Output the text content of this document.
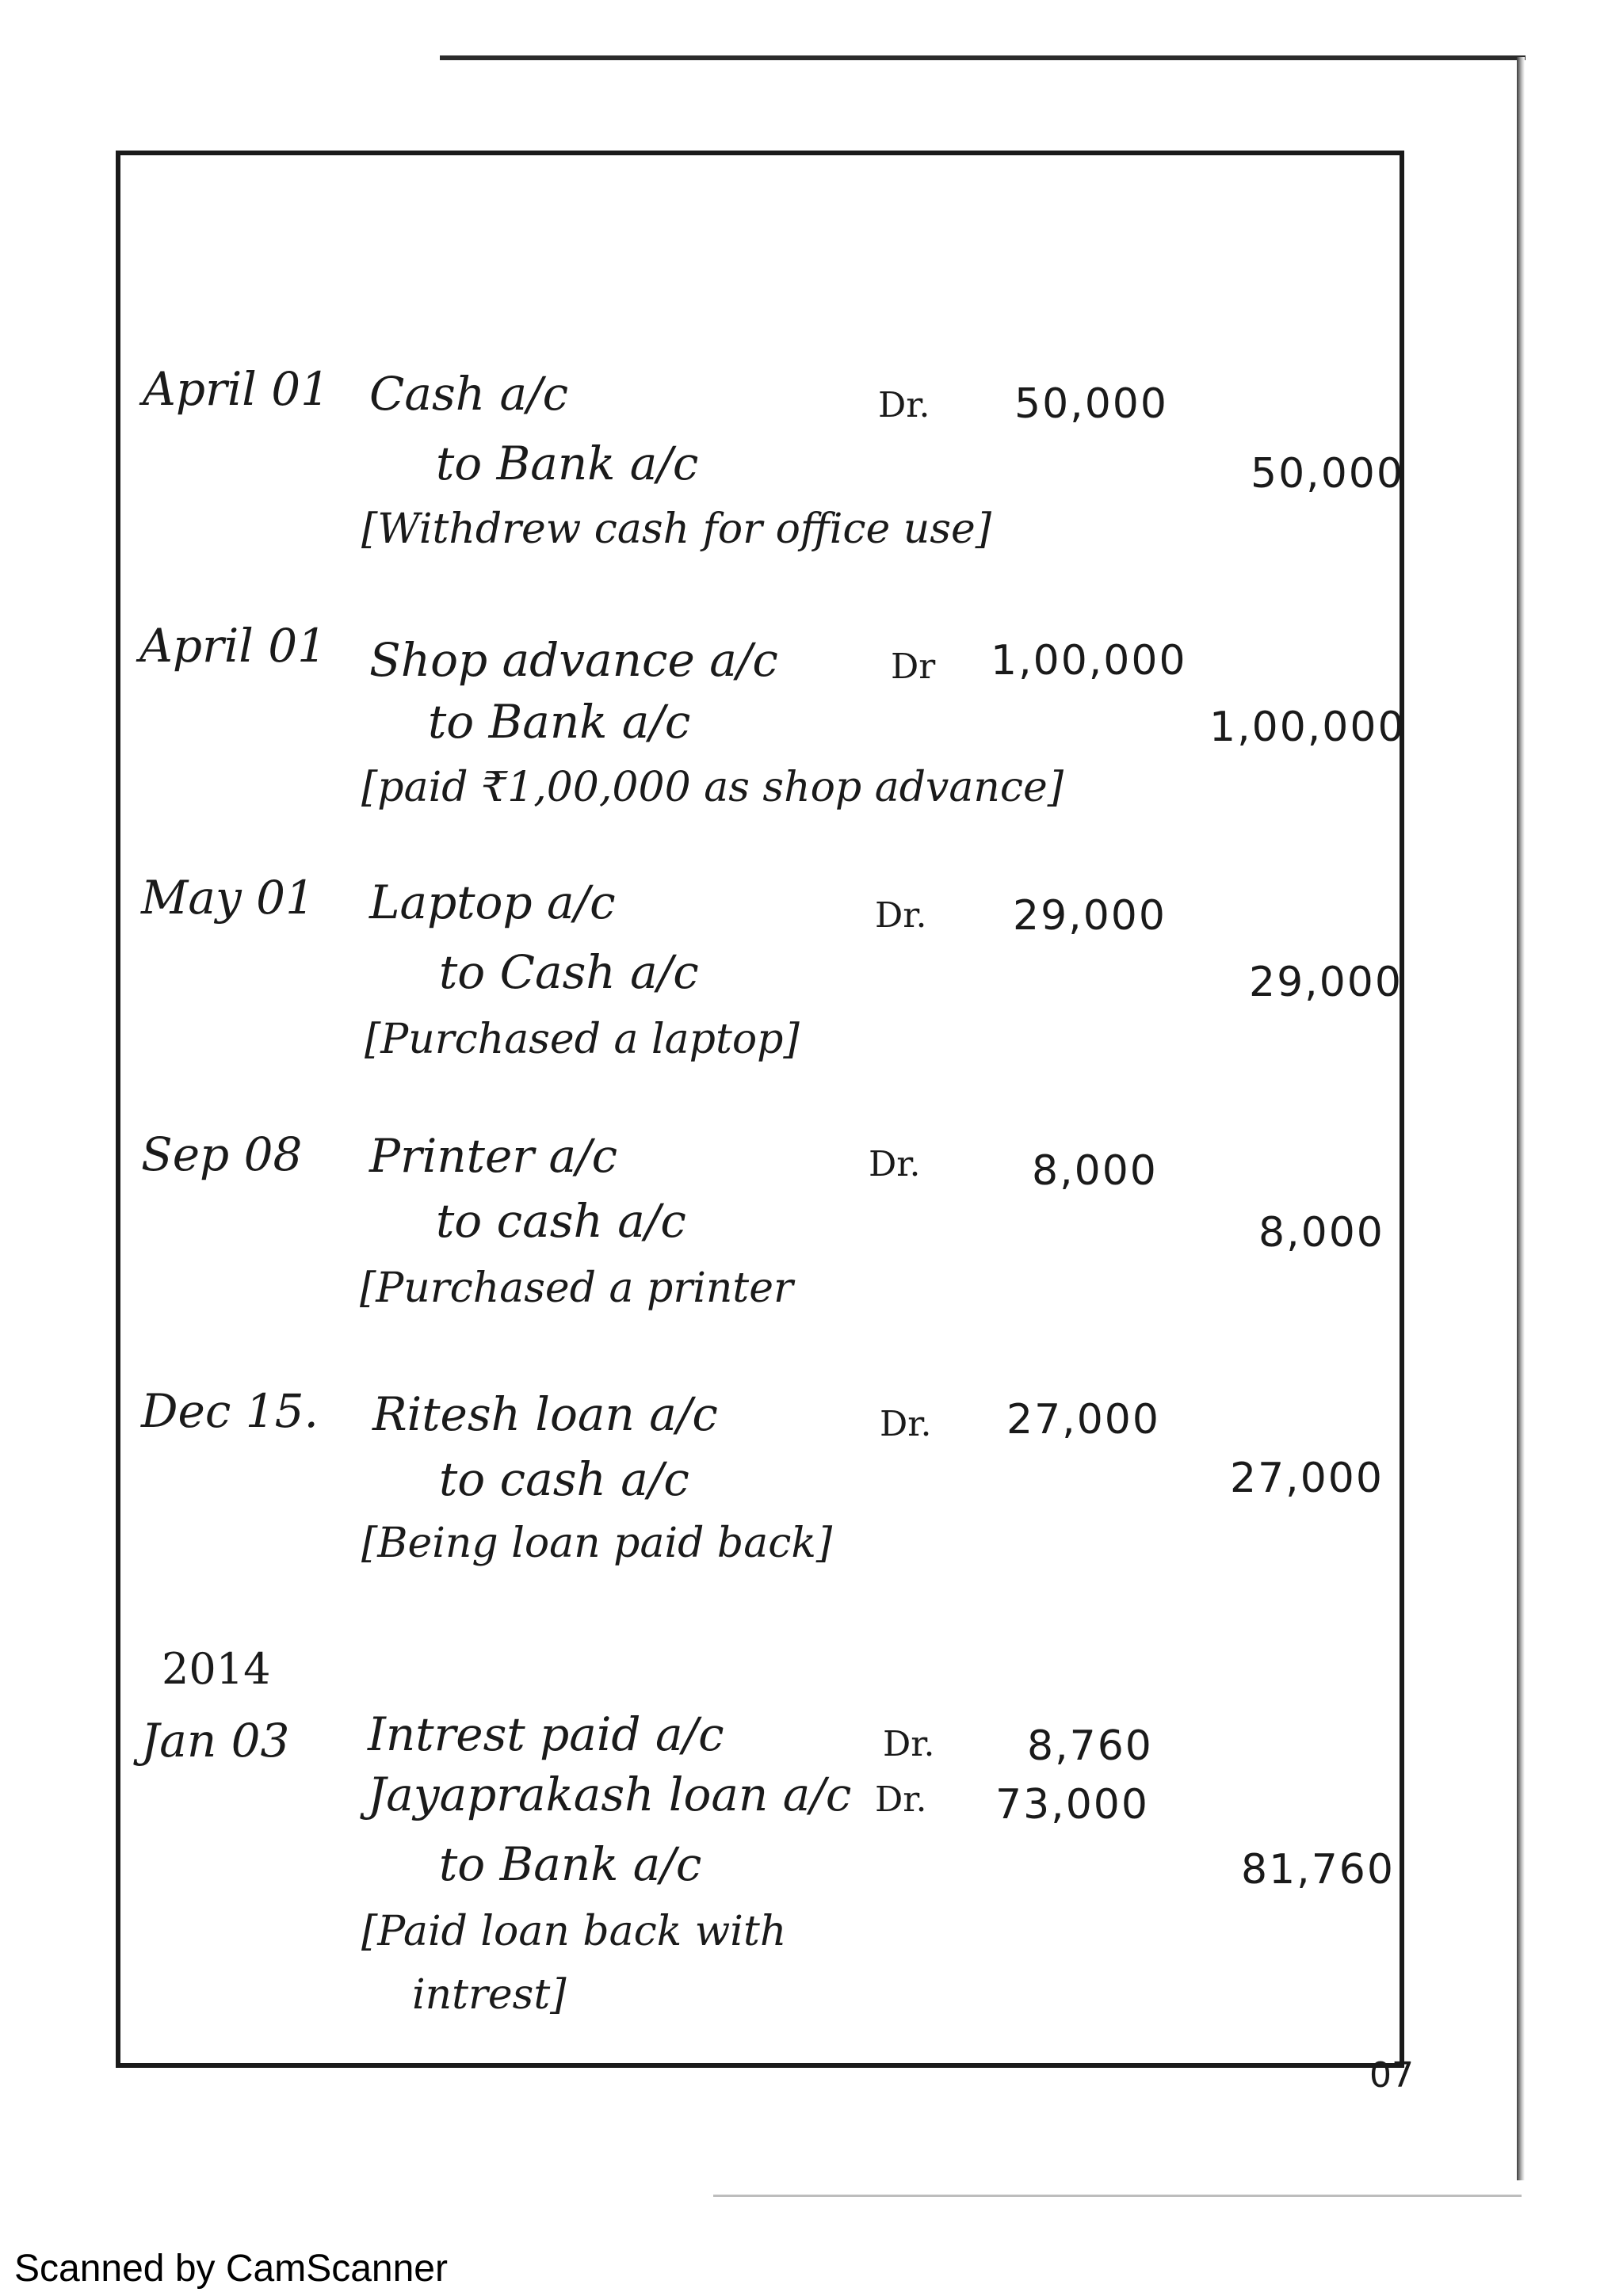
April 01 Cash a/c	Dr. 50,000
to Bank a/c	50,000
[Withdrew cash for office use]
April 01 Shop advance a/c	Dr 1,00,000
to Bank a/c	1,00,000
[paid ₹1,00,000 as shop advance]
May 01 Laptop a/c	Dr. 29,000
to Cash a/c	29,000
[Purchased a laptop]
Sep 08 Printer a/c	Dr.	8,000
to cash a/c	8,000
[Purchased a printer
Dec 15. Ritesh loan a/c	Dr. 27,000
to cash a/c	27,000
[Being loan paid back]
2014
Jan 03 Intrest paid a/c	Dr. 8,760
Jayaprakash loan a/c Dr. 73,000
to Bank a/c	81,760
[Paid loan back with
intrest]
07
Scanned by CamScanner
